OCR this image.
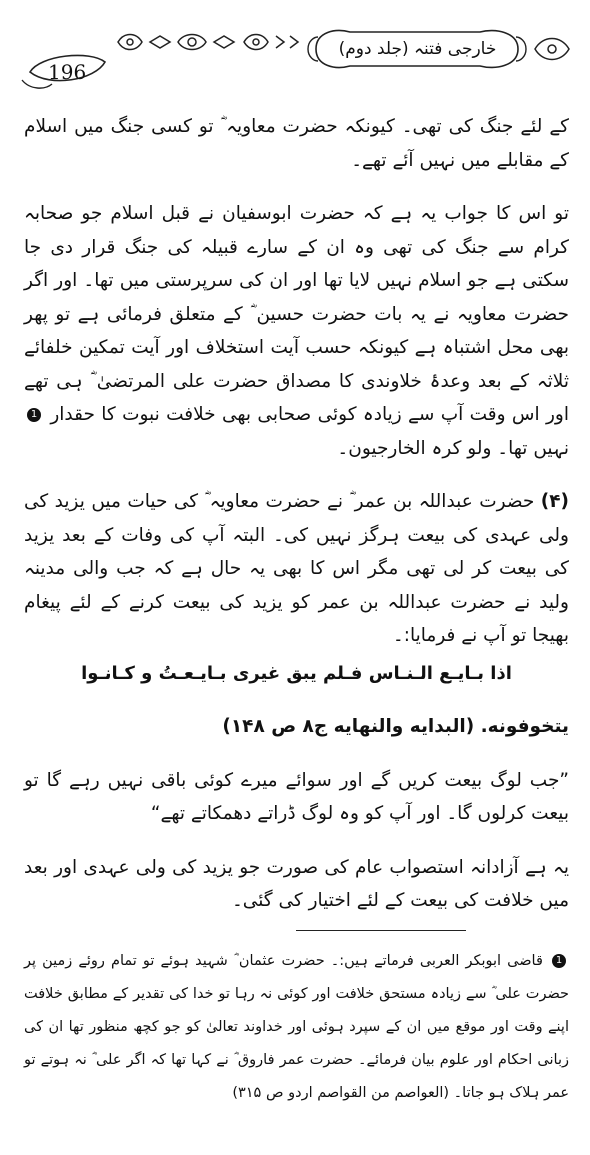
196
خارجی فتنہ (جلد دوم)

کے لئے جنگ کی تھی۔ کیونکہ حضرت معاویہ ؓ تو کسی جنگ میں اسلام کے مقابلے میں نہیں آئے تھے۔

تو اس کا جواب یہ ہے کہ حضرت ابوسفیان نے قبل اسلام جو صحابہ کرام سے جنگ کی تھی وہ ان کے سارے قبیلہ کی جنگ قرار دی جا سکتی ہے جو اسلام نہیں لایا تھا اور ان کی سرپرستی میں تھا۔ اور اگر حضرت معاویہ نے یہ بات حضرت حسین ؓ کے متعلق فرمائی ہے تو پھر بھی محل اشتباہ ہے کیونکہ حسب آیت استخلاف اور آیت تمکین خلفائے ثلاثہ کے بعد وعدۂ خلاوندی کا مصداق حضرت علی المرتضیٰ ؓ ہی تھے اور اس وقت آپ سے زیادہ کوئی صحابی بھی خلافت نبوت کا حقدار 1 نہیں تھا۔ ولو کرہ الخارجیون۔

(۴) حضرت عبداللہ بن عمر ؓ نے حضرت معاویہ ؓ کی حیات میں یزید کی ولی عہدی کی بیعت ہرگز نہیں کی۔ البتہ آپ کی وفات کے بعد یزید کی بیعت کر لی تھی مگر اس کا بھی یہ حال ہے کہ جب والی مدینہ ولید نے حضرت عبداللہ بن عمر کو یزید کی بیعت کرنے کے لئے پیغام بھیجا تو آپ نے فرمایا:۔

اذا بـايـع الـنـاس فـلم يبق غيرى بـايـعـتُ و كـانـوا

يتخوفونه. (البدايه والنهايه ج۸ ص ۱۴۸)

”جب لوگ بیعت کریں گے اور سوائے میرے کوئی باقی نہیں رہے گا تو بیعت کرلوں گا۔ اور آپ کو وہ لوگ ڈراتے دھمکاتے تھے“

یہ ہے آزادانہ استصواب عام کی صورت جو یزید کی ولی عہدی اور بعد میں خلافت کی بیعت کے لئے اختیار کی گئی۔

1 قاضی ابوبکر العربی فرماتے ہیں:۔ حضرت عثمان ؓ شہید ہوئے تو تمام روئے زمین پر حضرت علی ؓ سے زیادہ مستحق خلافت اور کوئی نہ رہا تو خدا کی تقدیر کے مطابق خلافت اپنے وقت اور موقع میں ان کے سپرد ہوئی اور خداوند تعالیٰ کو جو کچھ منظور تھا ان کی زبانی احکام اور علوم بیان فرمائے۔ حضرت عمر فاروق ؓ نے کہا تھا کہ اگر علی ؓ نہ ہوتے تو عمر ہلاک ہو جاتا۔ (العواصم من القواصم اردو ص ۳۱۵)
